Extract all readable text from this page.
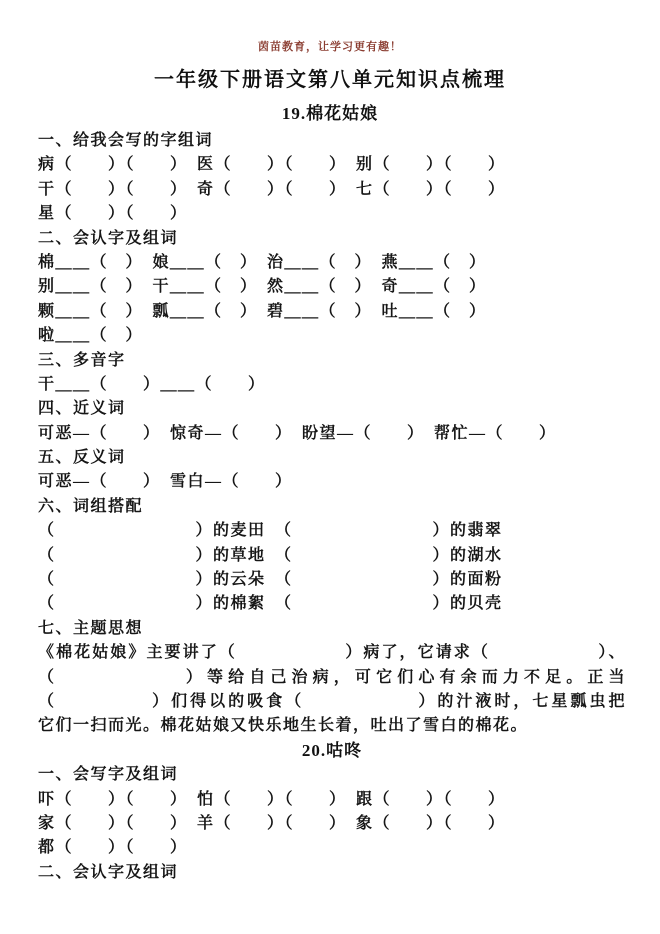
茵苗教育，让学习更有趣！
一年级下册语文第八单元知识点梳理
19.棉花姑娘
一、给我会写的字组词
病（　　）（　　）　医（　　）（　　）　别（　　）（　　）
干（　　）（　　）　奇（　　）（　　）　七（　　）（　　）
星（　　）（　　）
二、会认字及组词
棉＿＿（　）　娘＿＿（　）　治＿＿（　）　燕＿＿（　）
别＿＿（　）　干＿＿（　）　然＿＿（　）　奇＿＿（　）
颗＿＿（　）　瓢＿＿（　）　碧＿＿（　）　吐＿＿（　）
啦＿＿（　）
三、多音字
干＿＿（　　）＿＿（　　）
四、近义词
可恶—（　　）　惊奇—（　　）　盼望—（　　）　帮忙—（　　）
五、反义词
可恶—（　　）　雪白—（　　）
六、词组搭配
（　　　　　　　　）的麦田　（　　　　　　　　）的翡翠
（　　　　　　　　）的草地　（　　　　　　　　）的湖水
（　　　　　　　　）的云朵　（　　　　　　　　）的面粉
（　　　　　　　　）的棉絮　（　　　　　　　　）的贝壳
七、主题思想
《棉花姑娘》主要讲了（　　　　　　）病了，它请求（　　　　　　）、
（　　　　　　）等给自己治病，可它们心有余而力不足。正当
（　　　　　）们得以的吸食（　　　　　　）的汁液时，七星瓢虫把
它们一扫而光。棉花姑娘又快乐地生长着，吐出了雪白的棉花。
20.咕咚
一、会写字及组词
吓（　　）（　　）　怕（　　）（　　）　跟（　　）（　　）
家（　　）（　　）　羊（　　）（　　）　象（　　）（　　）
都（　　）（　　）
二、会认字及组词
